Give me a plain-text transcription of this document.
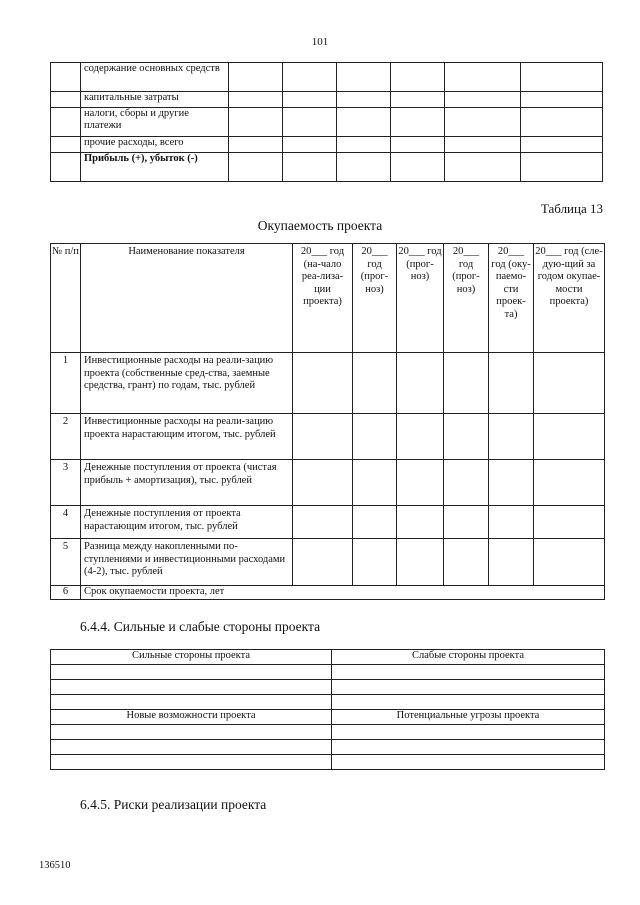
101
	содержание основных средств						
	капитальные затраты						
	налоги, сборы и другие платежи						
	прочие расходы, всего						
	Прибыль (+), убыток (-)						
Таблица 13
Окупаемость проекта
№ п/п	Наименование показателя	20___ год (на-чало реа-лиза-ции проекта)	20___ год (прог-ноз)	20___ год (прог-ноз)	20___ год (прог-ноз)	20___ год (оку-паемо-сти проек-та)	20___ год (сле-дую-щий за годом окупае-мости проекта)
1	Инвестиционные расходы на реали-зацию проекта (собственные сред-ства, заемные средства, грант) по годам, тыс. рублей						
2	Инвестиционные расходы на реали-зацию проекта нарастающим итогом, тыс. рублей						
3	Денежные поступления от проекта (чистая прибыль + амортизация), тыс. рублей						
4	Денежные поступления от проекта нарастающим итогом, тыс. рублей						
5	Разница между накопленными по-ступлениями и инвестиционными расходами (4-2), тыс. рублей						
6	Срок окупаемости проекта, лет						
6.4.4. Сильные и слабые стороны проекта
Сильные стороны проекта	Слабые стороны проекта

Новые возможности проекта	Потенциальные угрозы проекта

6.4.5. Риски реализации проекта
136510
